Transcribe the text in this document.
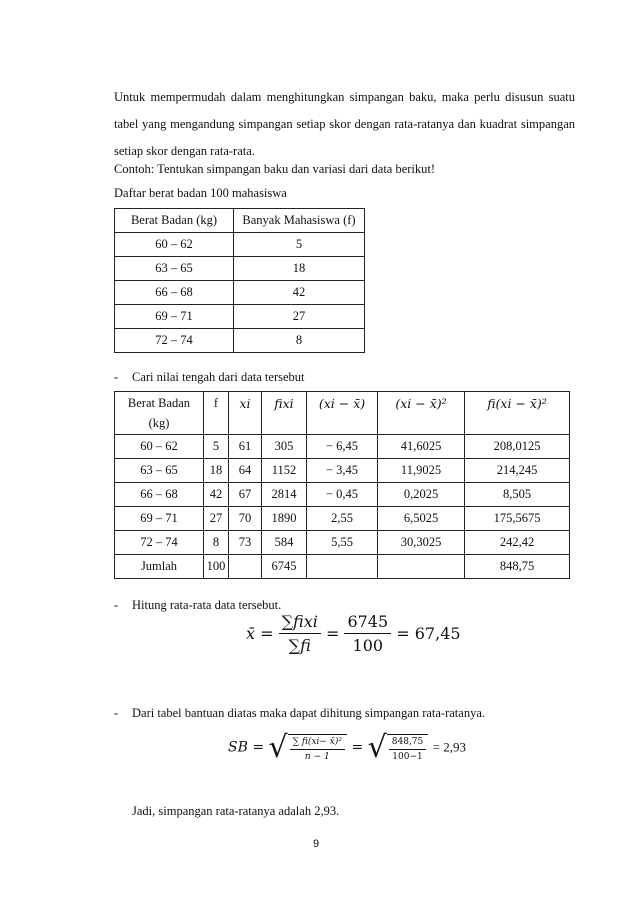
Untuk mempermudah dalam menghitungkan simpangan baku, maka perlu disusun suatu tabel yang mengandung simpangan setiap skor dengan rata-ratanya dan kuadrat simpangan setiap skor dengan rata-rata.

Contoh: Tentukan simpangan baku dan variasi dari data berikut!
Daftar berat badan 100 mahasiswa
Berat Badan (kg)	Banyak Mahasiswa (f)
60 – 62	5
63 – 65	18
66 – 68	42
69 – 71	27
72 – 74	8
- Cari nilai tengah dari data tersebut
Berat Badan
(kg)	f	xi	fixi	(xi − x̄)	(xi − x̄)²	fi(xi − x̄)²
60 – 62	5	61	305	− 6,45	41,6025	208,0125
63 – 65	18	64	1152	− 3,45	11,9025	214,245
66 – 68	42	67	2814	− 0,45	0,2025	8,505
69 – 71	27	70	1890	2,55	6,5025	175,5675
72 – 74	8	73	584	5,55	30,3025	242,42
Jumlah	100		6745			848,75
- Hitung rata-rata data tersebut.
x̄ = $\frac{\text{∑fixi}}{\sum fi} = \frac{6745}{100} = 67,45$
- Dari tabel bantuan diatas maka dapat dihitung simpangan rata-ratanya.
SB = √ $\frac{\text{∑ fi(xi− x̄)²}}{n - 1}$ = √ $\frac{848,75}{100-1} = 2,93$
Jadi, simpangan rata-ratanya adalah 2,93.
9
